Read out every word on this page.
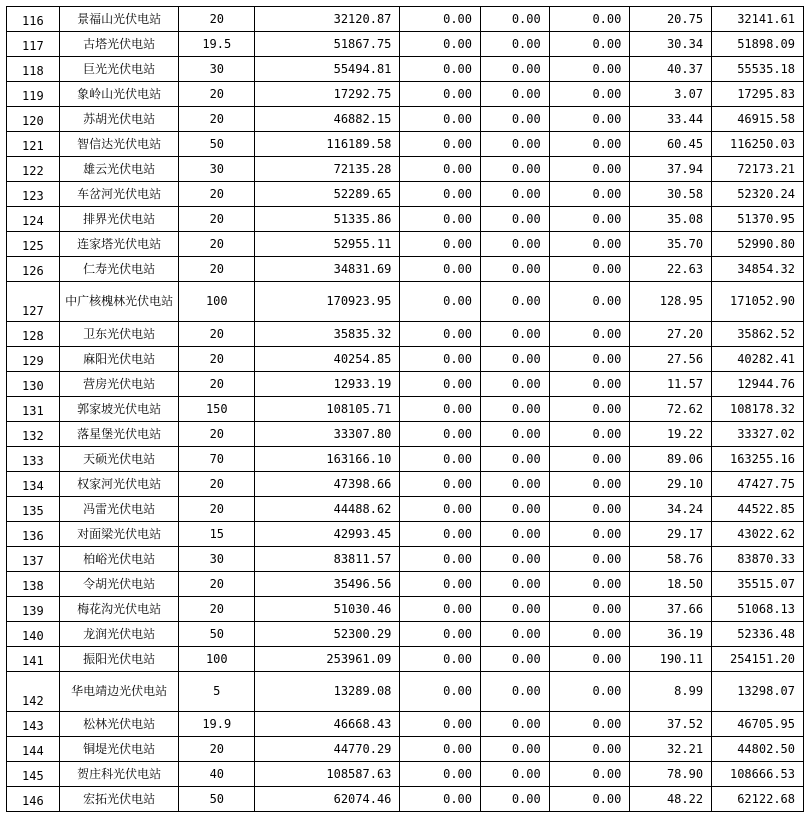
116	景福山光伏电站	20	32120.87	0.00	0.00	0.00	20.75	32141.61
117	古塔光伏电站	19.5	51867.75	0.00	0.00	0.00	30.34	51898.09
118	巨光光伏电站	30	55494.81	0.00	0.00	0.00	40.37	55535.18
119	象岭山光伏电站	20	17292.75	0.00	0.00	0.00	3.07	17295.83
120	苏胡光伏电站	20	46882.15	0.00	0.00	0.00	33.44	46915.58
121	智信达光伏电站	50	116189.58	0.00	0.00	0.00	60.45	116250.03
122	雄云光伏电站	30	72135.28	0.00	0.00	0.00	37.94	72173.21
123	车岔河光伏电站	20	52289.65	0.00	0.00	0.00	30.58	52320.24
124	排界光伏电站	20	51335.86	0.00	0.00	0.00	35.08	51370.95
125	连家塔光伏电站	20	52955.11	0.00	0.00	0.00	35.70	52990.80
126	仁寿光伏电站	20	34831.69	0.00	0.00	0.00	22.63	34854.32
127	中广核槐林光伏电站	100	170923.95	0.00	0.00	0.00	128.95	171052.90
128	卫东光伏电站	20	35835.32	0.00	0.00	0.00	27.20	35862.52
129	麻阳光伏电站	20	40254.85	0.00	0.00	0.00	27.56	40282.41
130	营房光伏电站	20	12933.19	0.00	0.00	0.00	11.57	12944.76
131	郭家坡光伏电站	150	108105.71	0.00	0.00	0.00	72.62	108178.32
132	落星堡光伏电站	20	33307.80	0.00	0.00	0.00	19.22	33327.02
133	天硕光伏电站	70	163166.10	0.00	0.00	0.00	89.06	163255.16
134	权家河光伏电站	20	47398.66	0.00	0.00	0.00	29.10	47427.75
135	冯雷光伏电站	20	44488.62	0.00	0.00	0.00	34.24	44522.85
136	对面梁光伏电站	15	42993.45	0.00	0.00	0.00	29.17	43022.62
137	柏峪光伏电站	30	83811.57	0.00	0.00	0.00	58.76	83870.33
138	令胡光伏电站	20	35496.56	0.00	0.00	0.00	18.50	35515.07
139	梅花沟光伏电站	20	51030.46	0.00	0.00	0.00	37.66	51068.13
140	龙润光伏电站	50	52300.29	0.00	0.00	0.00	36.19	52336.48
141	振阳光伏电站	100	253961.09	0.00	0.00	0.00	190.11	254151.20
142	华电靖边光伏电站	5	13289.08	0.00	0.00	0.00	8.99	13298.07
143	松林光伏电站	19.9	46668.43	0.00	0.00	0.00	37.52	46705.95
144	铜堤光伏电站	20	44770.29	0.00	0.00	0.00	32.21	44802.50
145	贺庄科光伏电站	40	108587.63	0.00	0.00	0.00	78.90	108666.53
146	宏拓光伏电站	50	62074.46	0.00	0.00	0.00	48.22	62122.68
